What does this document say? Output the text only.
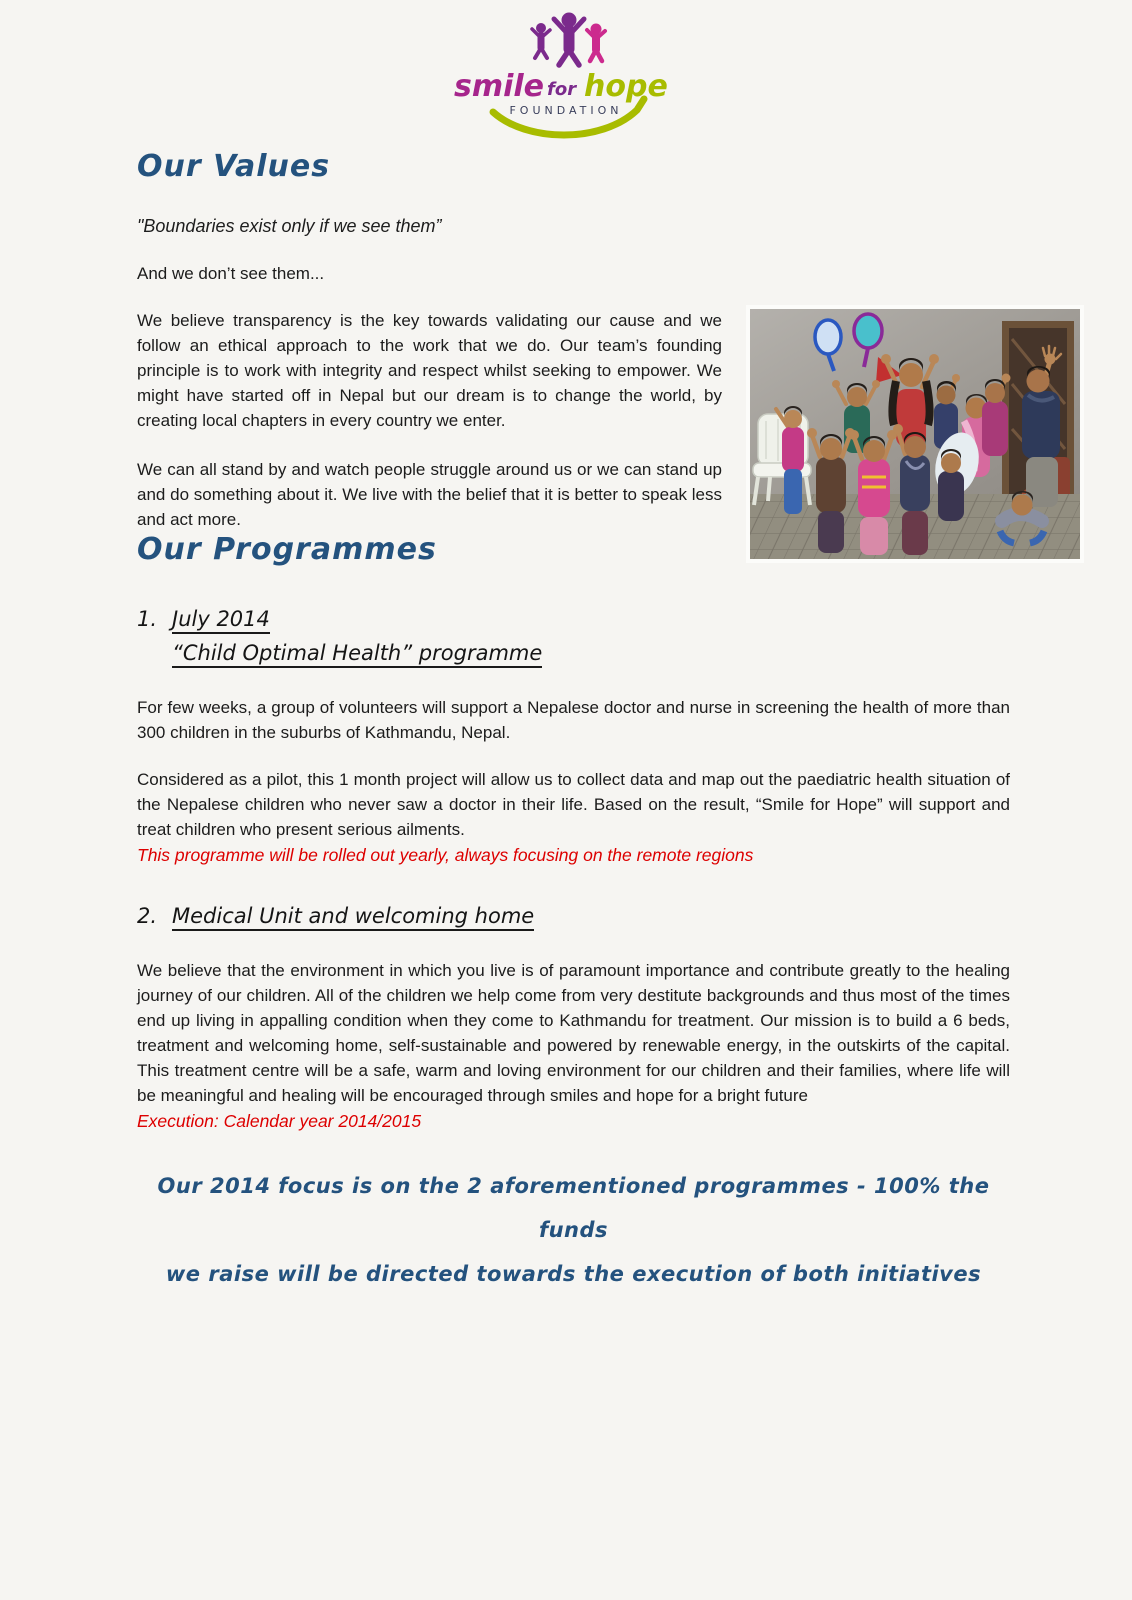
smile for hope
FOUNDATION
Our Values
"Boundaries exist only if we see them”
And we don’t see them...

We believe transparency is the key towards validating our cause and we follow an ethical approach to the work that we do. Our team’s founding principle is to work with integrity and respect whilst seeking to empower. We might have started off in Nepal but our dream is to change the world, by creating local chapters in every country we enter.

We can all stand by and watch people struggle around us or we can stand up and do something about it. We live with the belief that it is better to speak less and act more.

Our Programmes
1. July 2014
“Child Optimal Health” programme

For few weeks, a group of volunteers will support a Nepalese doctor and nurse in screening the health of more than 300 children in the suburbs of Kathmandu, Nepal.

Considered as a pilot, this 1 month project will allow us to collect data and map out the paediatric health situation of the Nepalese children who never saw a doctor in their life. Based on the result, “Smile for Hope” will support and treat children who present serious ailments.

This programme will be rolled out yearly, always focusing on the remote regions
2. Medical Unit and welcoming home

We believe that the environment in which you live is of paramount importance and contribute greatly to the healing journey of our children. All of the children we help come from very destitute backgrounds and thus most of the times end up living in appalling condition when they come to Kathmandu for treatment. Our mission is to build a 6 beds, treatment and welcoming home, self-sustainable and powered by renewable energy, in the outskirts of the capital. This treatment centre will be a safe, warm and loving environment for our children and their families, where life will be meaningful and healing will be encouraged through smiles and hope for a bright future

Execution: Calendar year 2014/2015
Our 2014 focus is on the 2 aforementioned programmes - 100% the funds
we raise will be directed towards the execution of both initiatives
